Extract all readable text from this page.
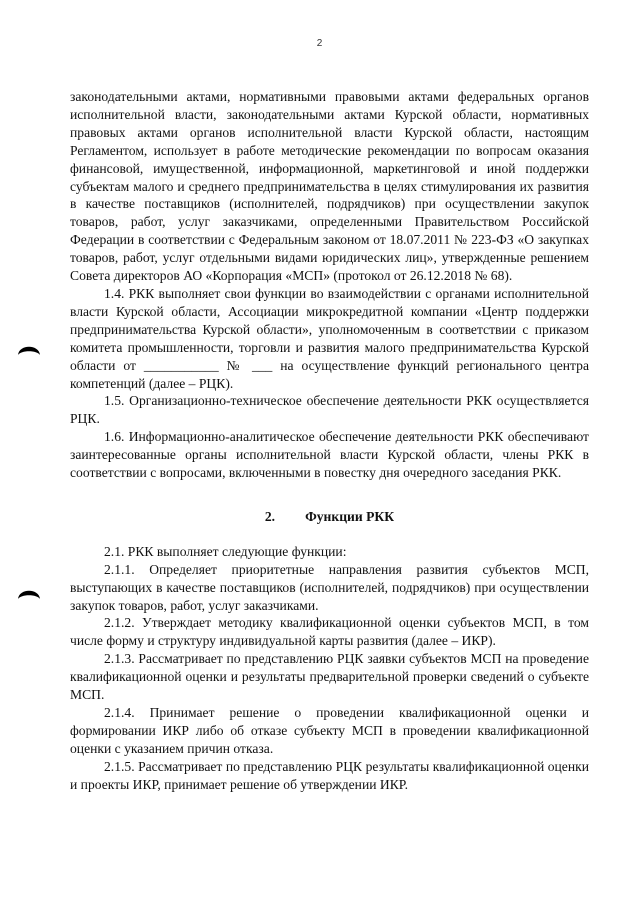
2

законодательными актами, нормативными правовыми актами федеральных органов исполнительной власти, законодательными актами Курской области, нормативных правовых актами органов исполнительной власти Курской области, настоящим Регламентом, использует в работе методические рекомендации по вопросам оказания финансовой, имущественной, информационной, маркетинговой и иной поддержки субъектам малого и среднего предпринимательства в целях стимулирования их развития в качестве поставщиков (исполнителей, подрядчиков) при осуществлении закупок товаров, работ, услуг заказчиками, определенными Правительством Российской Федерации в соответствии с Федеральным законом от 18.07.2011 № 223-ФЗ «О закупках товаров, работ, услуг отдельными видами юридических лиц», утвержденные решением Совета директоров АО «Корпорация «МСП» (протокол от 26.12.2018 № 68).

1.4. РКК выполняет свои функции во взаимодействии с органами исполнительной власти Курской области, Ассоциации микрокредитной компании «Центр поддержки предпринимательства Курской области», уполномоченным в соответствии с приказом комитета промышленности, торговли и развития малого предпринимательства Курской области от ___________ № ___ на осуществление функций регионального центра компетенций (далее – РЦК).

1.5. Организационно-техническое обеспечение деятельности РКК осуществляется РЦК.

1.6. Информационно-аналитическое обеспечение деятельности РКК обеспечивают заинтересованные органы исполнительной власти Курской области, члены РКК в соответствии с вопросами, включенными в повестку дня очередного заседания РКК.

2. Функции РКК

2.1. РКК выполняет следующие функции:

2.1.1. Определяет приоритетные направления развития субъектов МСП, выступающих в качестве поставщиков (исполнителей, подрядчиков) при осуществлении закупок товаров, работ, услуг заказчиками.

2.1.2. Утверждает методику квалификационной оценки субъектов МСП, в том числе форму и структуру индивидуальной карты развития (далее – ИКР).

2.1.3. Рассматривает по представлению РЦК заявки субъектов МСП на проведение квалификационной оценки и результаты предварительной проверки сведений о субъекте МСП.

2.1.4. Принимает решение о проведении квалификационной оценки и формировании ИКР либо об отказе субъекту МСП в проведении квалификационной оценки с указанием причин отказа.

2.1.5. Рассматривает по представлению РЦК результаты квалификационной оценки и проекты ИКР, принимает решение об утверждении ИКР.
